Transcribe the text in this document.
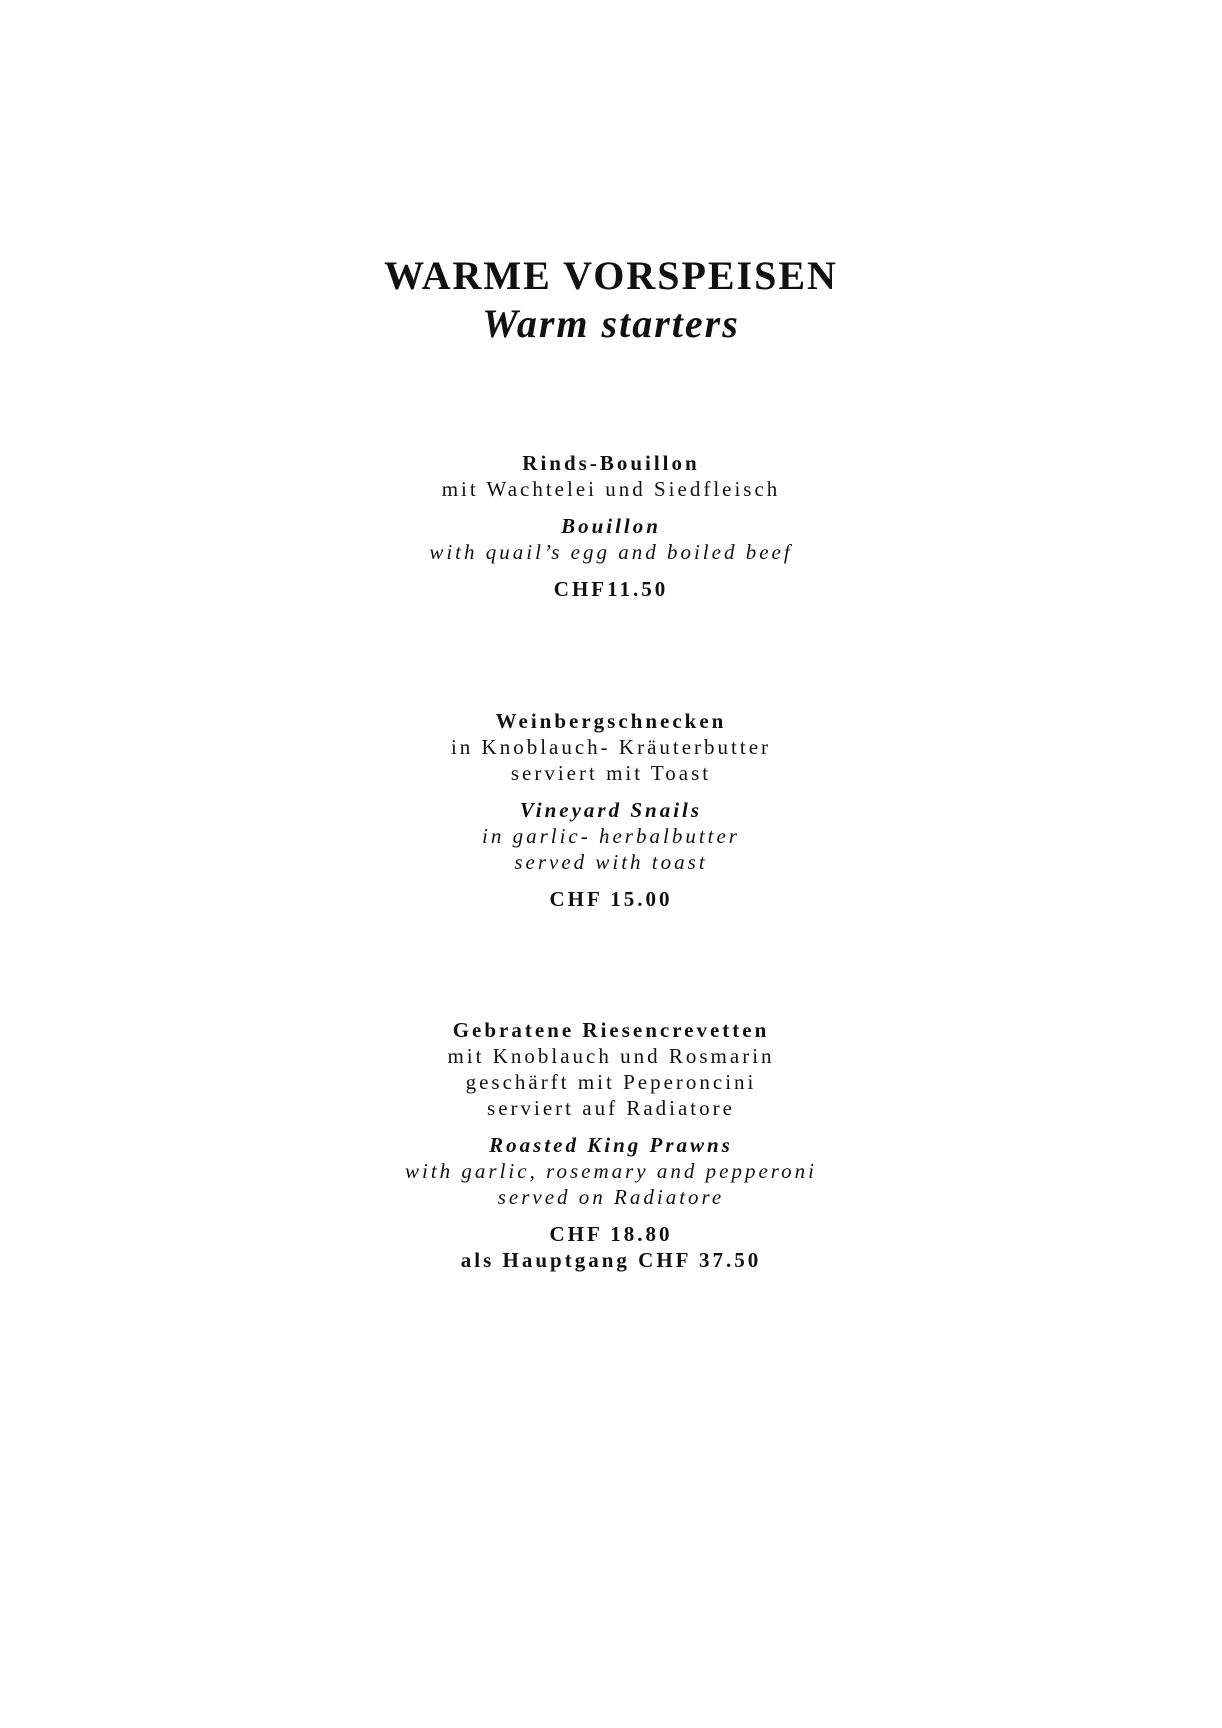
WARME VORSPEISEN
Warm starters
Rinds-Bouillon
mit Wachtelei und Siedfleisch
Bouillon
with quail’s egg and boiled beef
CHF11.50
Weinbergschnecken
in Knoblauch- Kräuterbutter
serviert mit Toast
Vineyard Snails
in garlic- herbalbutter
served with toast
CHF 15.00
Gebratene Riesencrevetten
mit Knoblauch und Rosmarin
geschärft mit Peperoncini
serviert auf Radiatore
Roasted King Prawns
with garlic, rosemary and pepperoni
served on Radiatore
CHF 18.80
als Hauptgang CHF 37.50
